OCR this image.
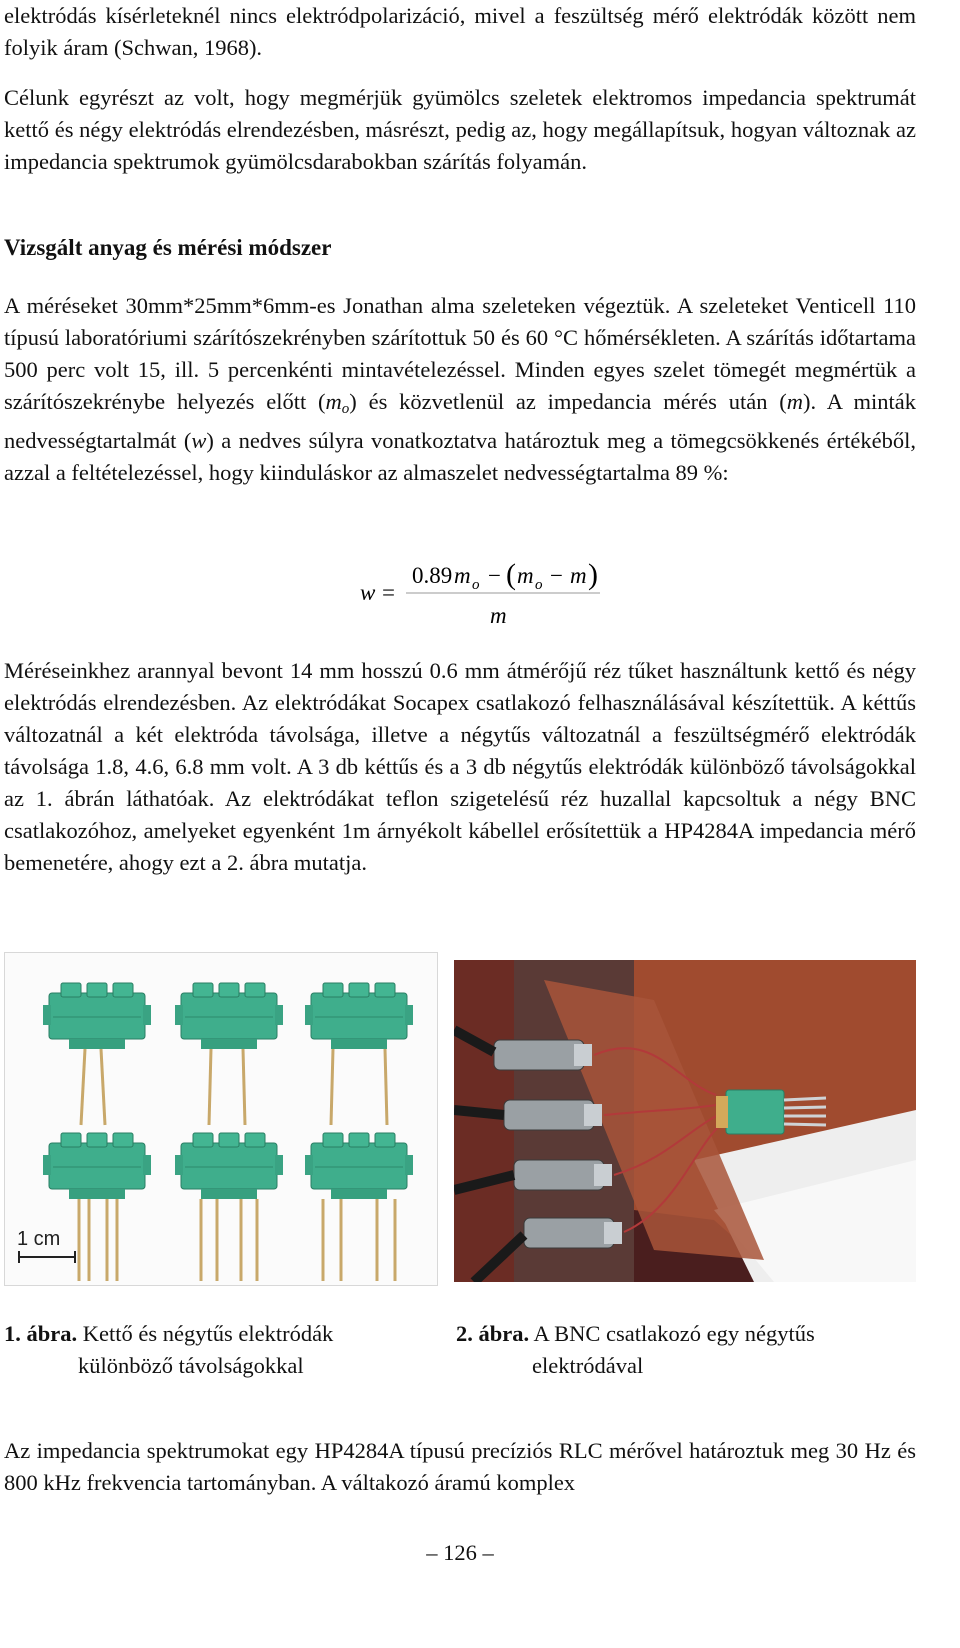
elektródás kísérleteknél nincs elektródpolarizáció, mivel a feszültség mérő elektródák között nem folyik áram (Schwan, 1968).

Célunk egyrészt az volt, hogy megmérjük gyümölcs szeletek elektromos impedancia spektrumát kettő és négy elektródás elrendezésben, másrészt, pedig az, hogy megállapítsuk, hogyan változnak az impedancia spektrumok gyümölcsdarabokban szárítás folyamán.

Vizsgált anyag és mérési módszer

A méréseket 30mm*25mm*6mm-es Jonathan alma szeleteken végeztük. A szeleteket Venticell 110 típusú laboratóriumi szárítószekrényben szárítottuk 50 és 60 °C hőmérsékleten. A szárítás időtartama 500 perc volt 15, ill. 5 percenkénti mintavételezéssel. Minden egyes szelet tömegét megmértük a szárítószekrénybe helyezés előtt $(m_o)$ és közvetlenül az impedancia mérés után (m). A minták nedvességtartalmát (w) a nedves súlyra vonatkoztatva határoztuk meg a tömegcsökkenés értékéből, azzal a feltételezéssel, hogy kiinduláskor az almaszelet nedvességtartalma 89 %:

w =
0.89 m o − ( m o − m )
m

Méréseinkhez arannyal bevont 14 mm hosszú 0.6 mm átmérőjű réz tűket használtunk kettő és négy elektródás elrendezésben. Az elektródákat Socapex csatlakozó felhasználásával készítettük. A kéttűs változatnál a két elektróda távolsága, illetve a négytűs változatnál a feszültségmérő elektródák távolsága 1.8, 4.6, 6.8 mm volt. A 3 db kéttűs és a 3 db négytűs elektródák különböző távolságokkal az 1. ábrán láthatóak. Az elektródákat teflon szigetelésű réz huzallal kapcsoltuk a négy BNC csatlakozóhoz, amelyeket egyenként 1m árnyékolt kábellel erősítettük a HP4284A impedancia mérő bemenetére, ahogy ezt a 2. ábra mutatja.

1 cm
1. ábra. Kettő és négytűs elektródák
különböző távolságokkal
2. ábra. A BNC csatlakozó egy négytűs
elektródával

Az impedancia spektrumokat egy HP4284A típusú precíziós RLC mérővel határoztuk meg 30 Hz és 800 kHz frekvencia tartományban. A váltakozó áramú komplex

– 126 –
